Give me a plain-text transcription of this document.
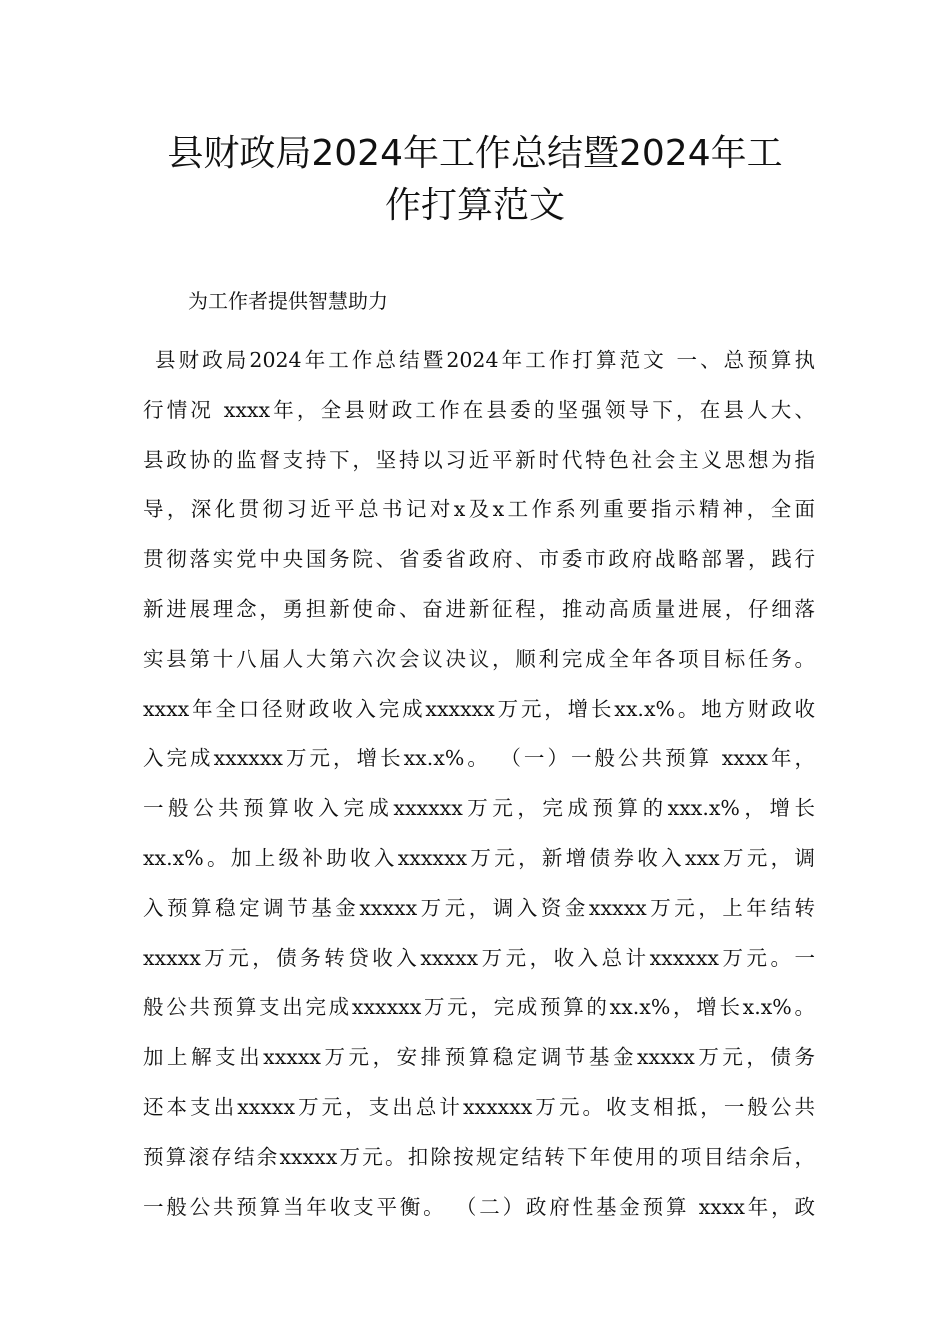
县财政局2024年工作总结暨2024年工
作打算范文

为工作者提供智慧助力

县财政局2024年工作总结暨2024年工作打算范文 一、总预算执
行情况 xxxx年，全县财政工作在县委的坚强领导下，在县人大、
县政协的监督支持下，坚持以习近平新时代特色社会主义思想为指
导，深化贯彻习近平总书记对x及x工作系列重要指示精神，全面
贯彻落实党中央国务院、省委省政府、市委市政府战略部署，践行
新进展理念，勇担新使命、奋进新征程，推动高质量进展，仔细落
实县第十八届人大第六次会议决议，顺利完成全年各项目标任务。
xxxx年全口径财政收入完成xxxxxx万元，增长xx.x%。地方财政收
入完成xxxxxx万元，增长xx.x%。 （一）一般公共预算 xxxx年，
一般公共预算收入完成xxxxxx万元，完成预算的xxx.x%，增长
xx.x%。加上级补助收入xxxxxx万元，新增债券收入xxx万元，调
入预算稳定调节基金xxxxx万元，调入资金xxxxx万元，上年结转
xxxxx万元，债务转贷收入xxxxx万元，收入总计xxxxxx万元。一
般公共预算支出完成xxxxxx万元，完成预算的xx.x%，增长x.x%。
加上解支出xxxxx万元，安排预算稳定调节基金xxxxx万元，债务
还本支出xxxxx万元，支出总计xxxxxx万元。收支相抵，一般公共
预算滚存结余xxxxx万元。扣除按规定结转下年使用的项目结余后，
一般公共预算当年收支平衡。 （二）政府性基金预算 xxxx年，政
